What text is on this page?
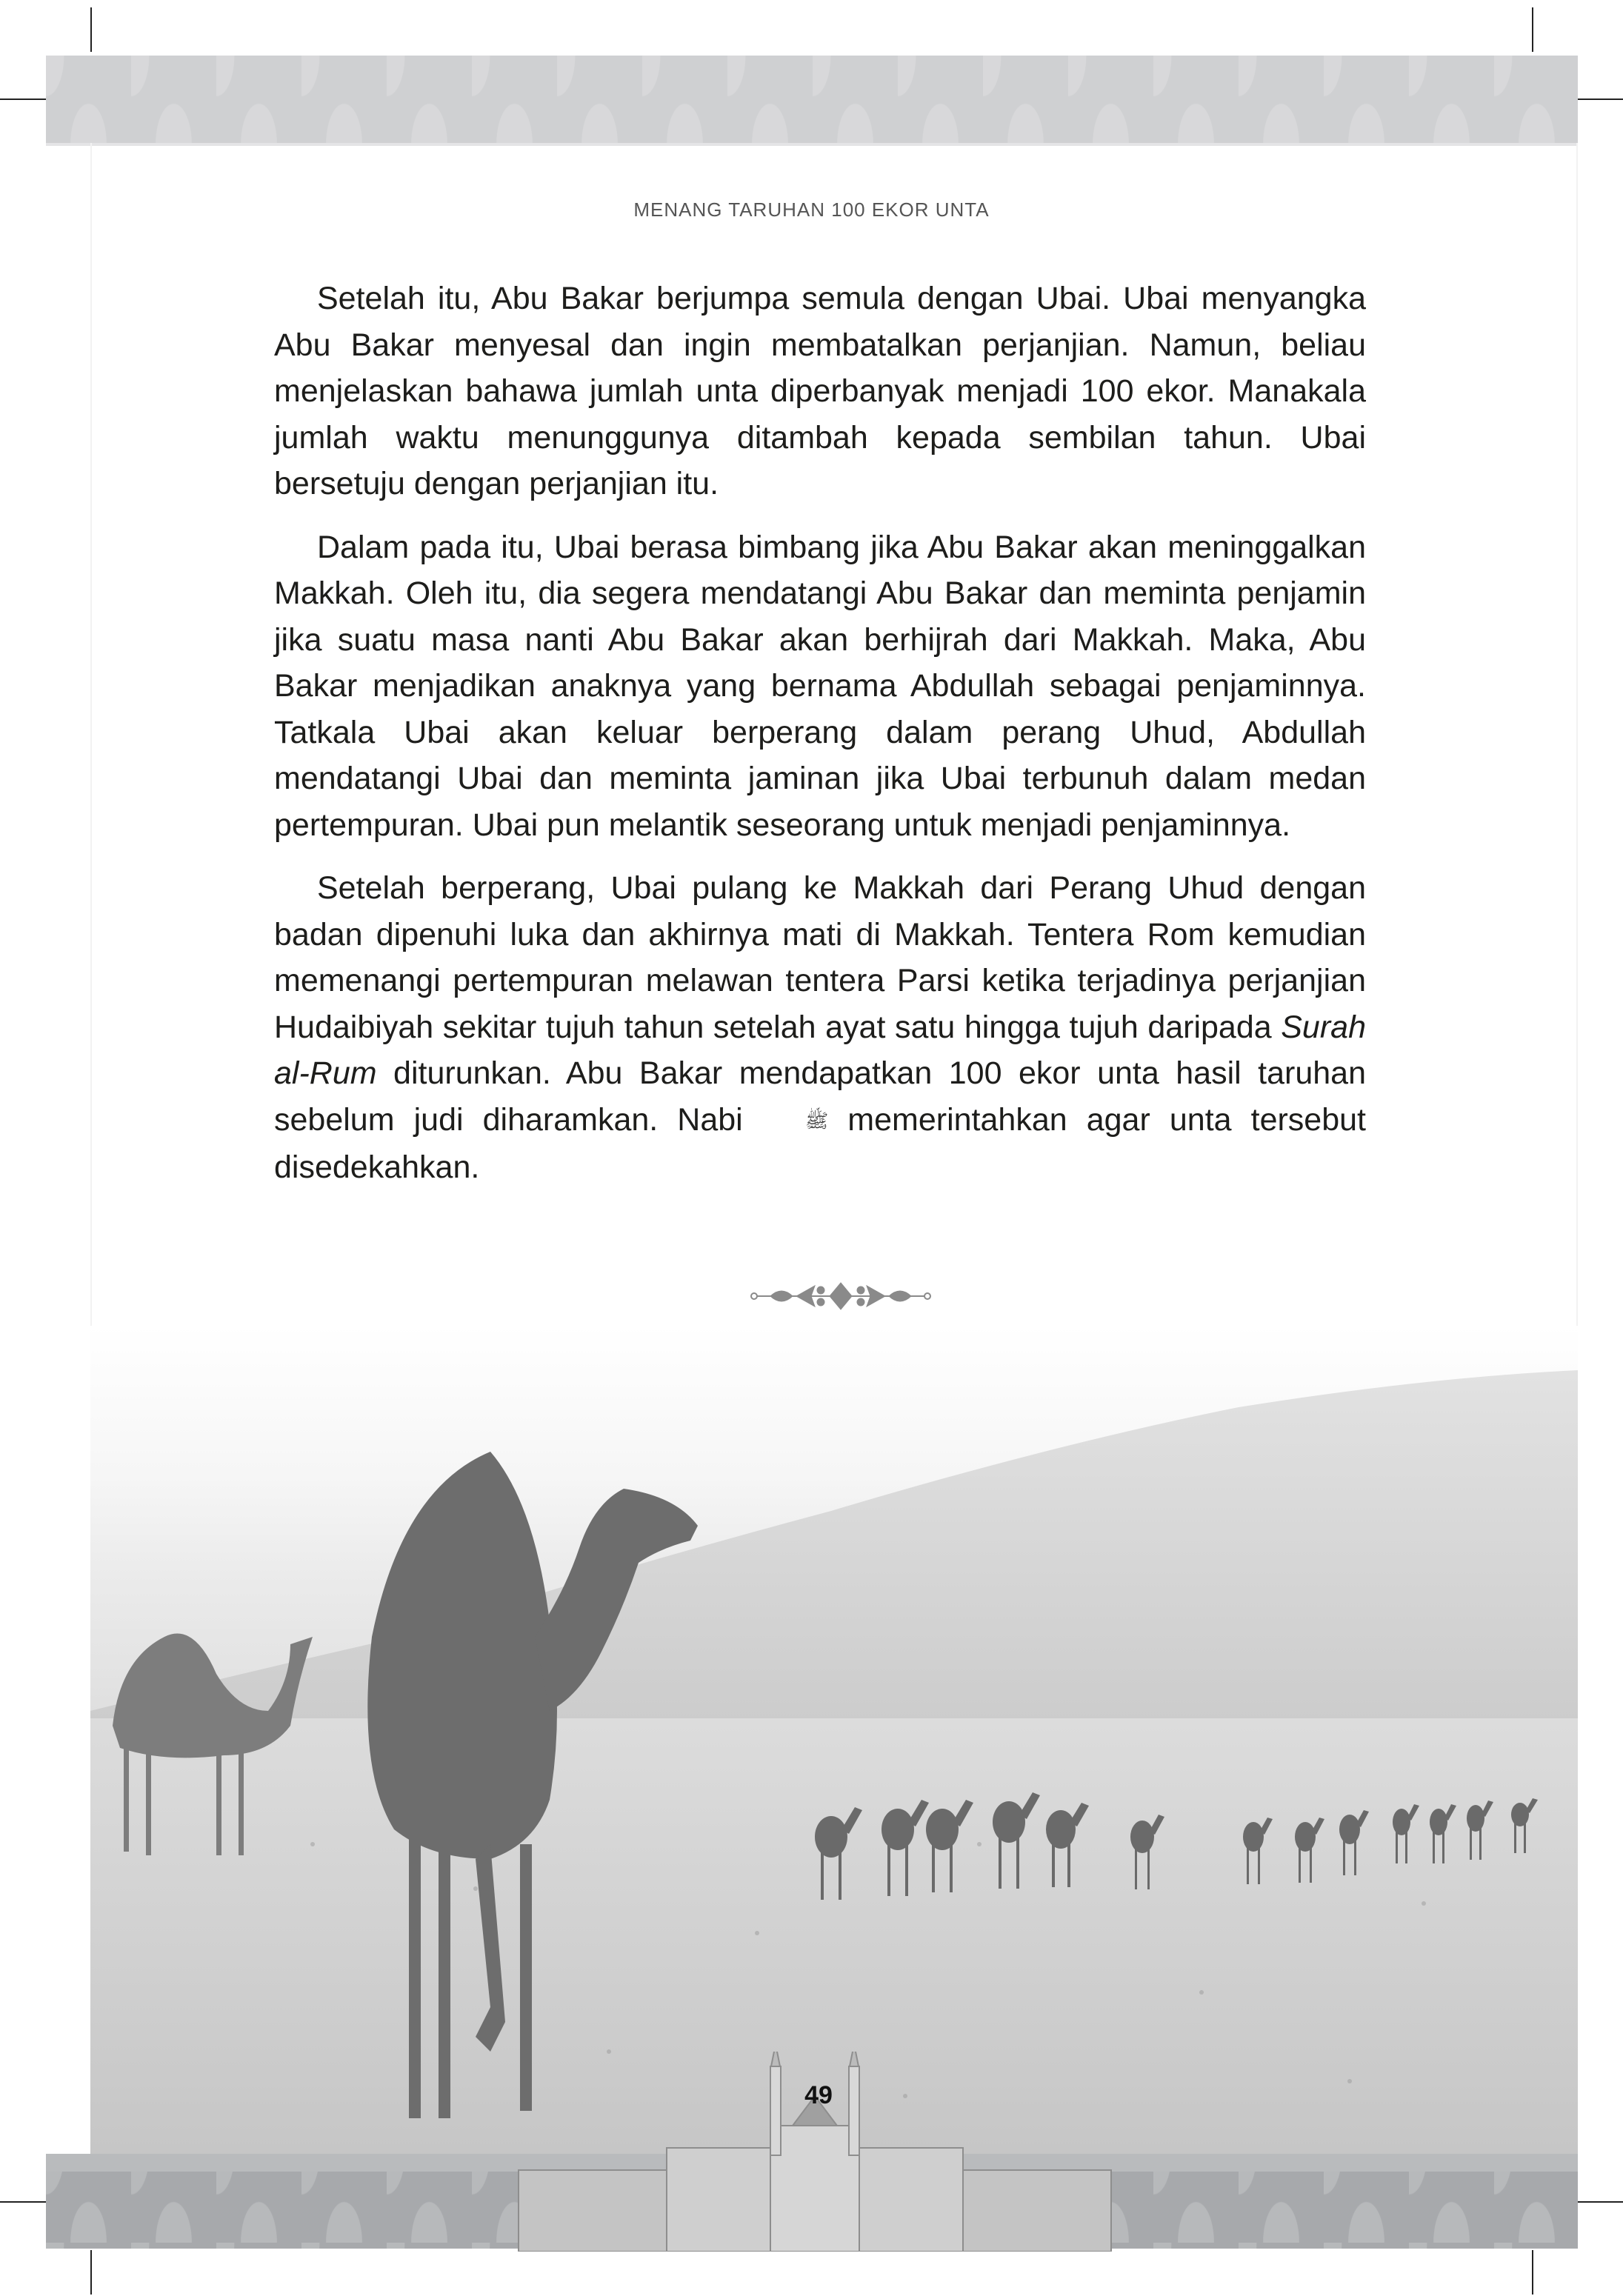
MENANG TARUHAN 100 EKOR UNTA

Setelah itu, Abu Bakar berjumpa semula dengan Ubai. Ubai menyangka Abu Bakar menyesal dan ingin membatalkan perjanjian. Namun, beliau menjelaskan bahawa jumlah unta diperbanyak menjadi 100 ekor. Manakala jumlah waktu menunggunya ditambah kepada sembilan tahun. Ubai bersetuju dengan perjanjian itu.

Dalam pada itu, Ubai berasa bimbang jika Abu Bakar akan meninggalkan Makkah. Oleh itu, dia segera mendatangi Abu Bakar dan meminta penjamin jika suatu masa nanti Abu Bakar akan berhijrah dari Makkah. Maka, Abu Bakar menjadikan anaknya yang bernama Abdullah sebagai penjaminnya. Tatkala Ubai akan keluar berperang dalam perang Uhud, Abdullah mendatangi Ubai dan meminta jaminan jika Ubai terbunuh dalam medan pertempuran. Ubai pun melantik seseorang untuk menjadi penjaminnya.

Setelah berperang, Ubai pulang ke Makkah dari Perang Uhud dengan badan dipenuhi luka dan akhirnya mati di Makkah. Tentera Rom kemudian memenangi pertempuran melawan tentera Parsi ketika terjadinya perjanjian Hudaibiyah sekitar tujuh tahun setelah ayat satu hingga tujuh daripada Surah al-Rum diturunkan. Abu Bakar mendapatkan 100 ekor unta hasil taruhan sebelum judi diharamkan. Nabi ﷺ memerintahkan agar unta tersebut disedekahkan.

49
